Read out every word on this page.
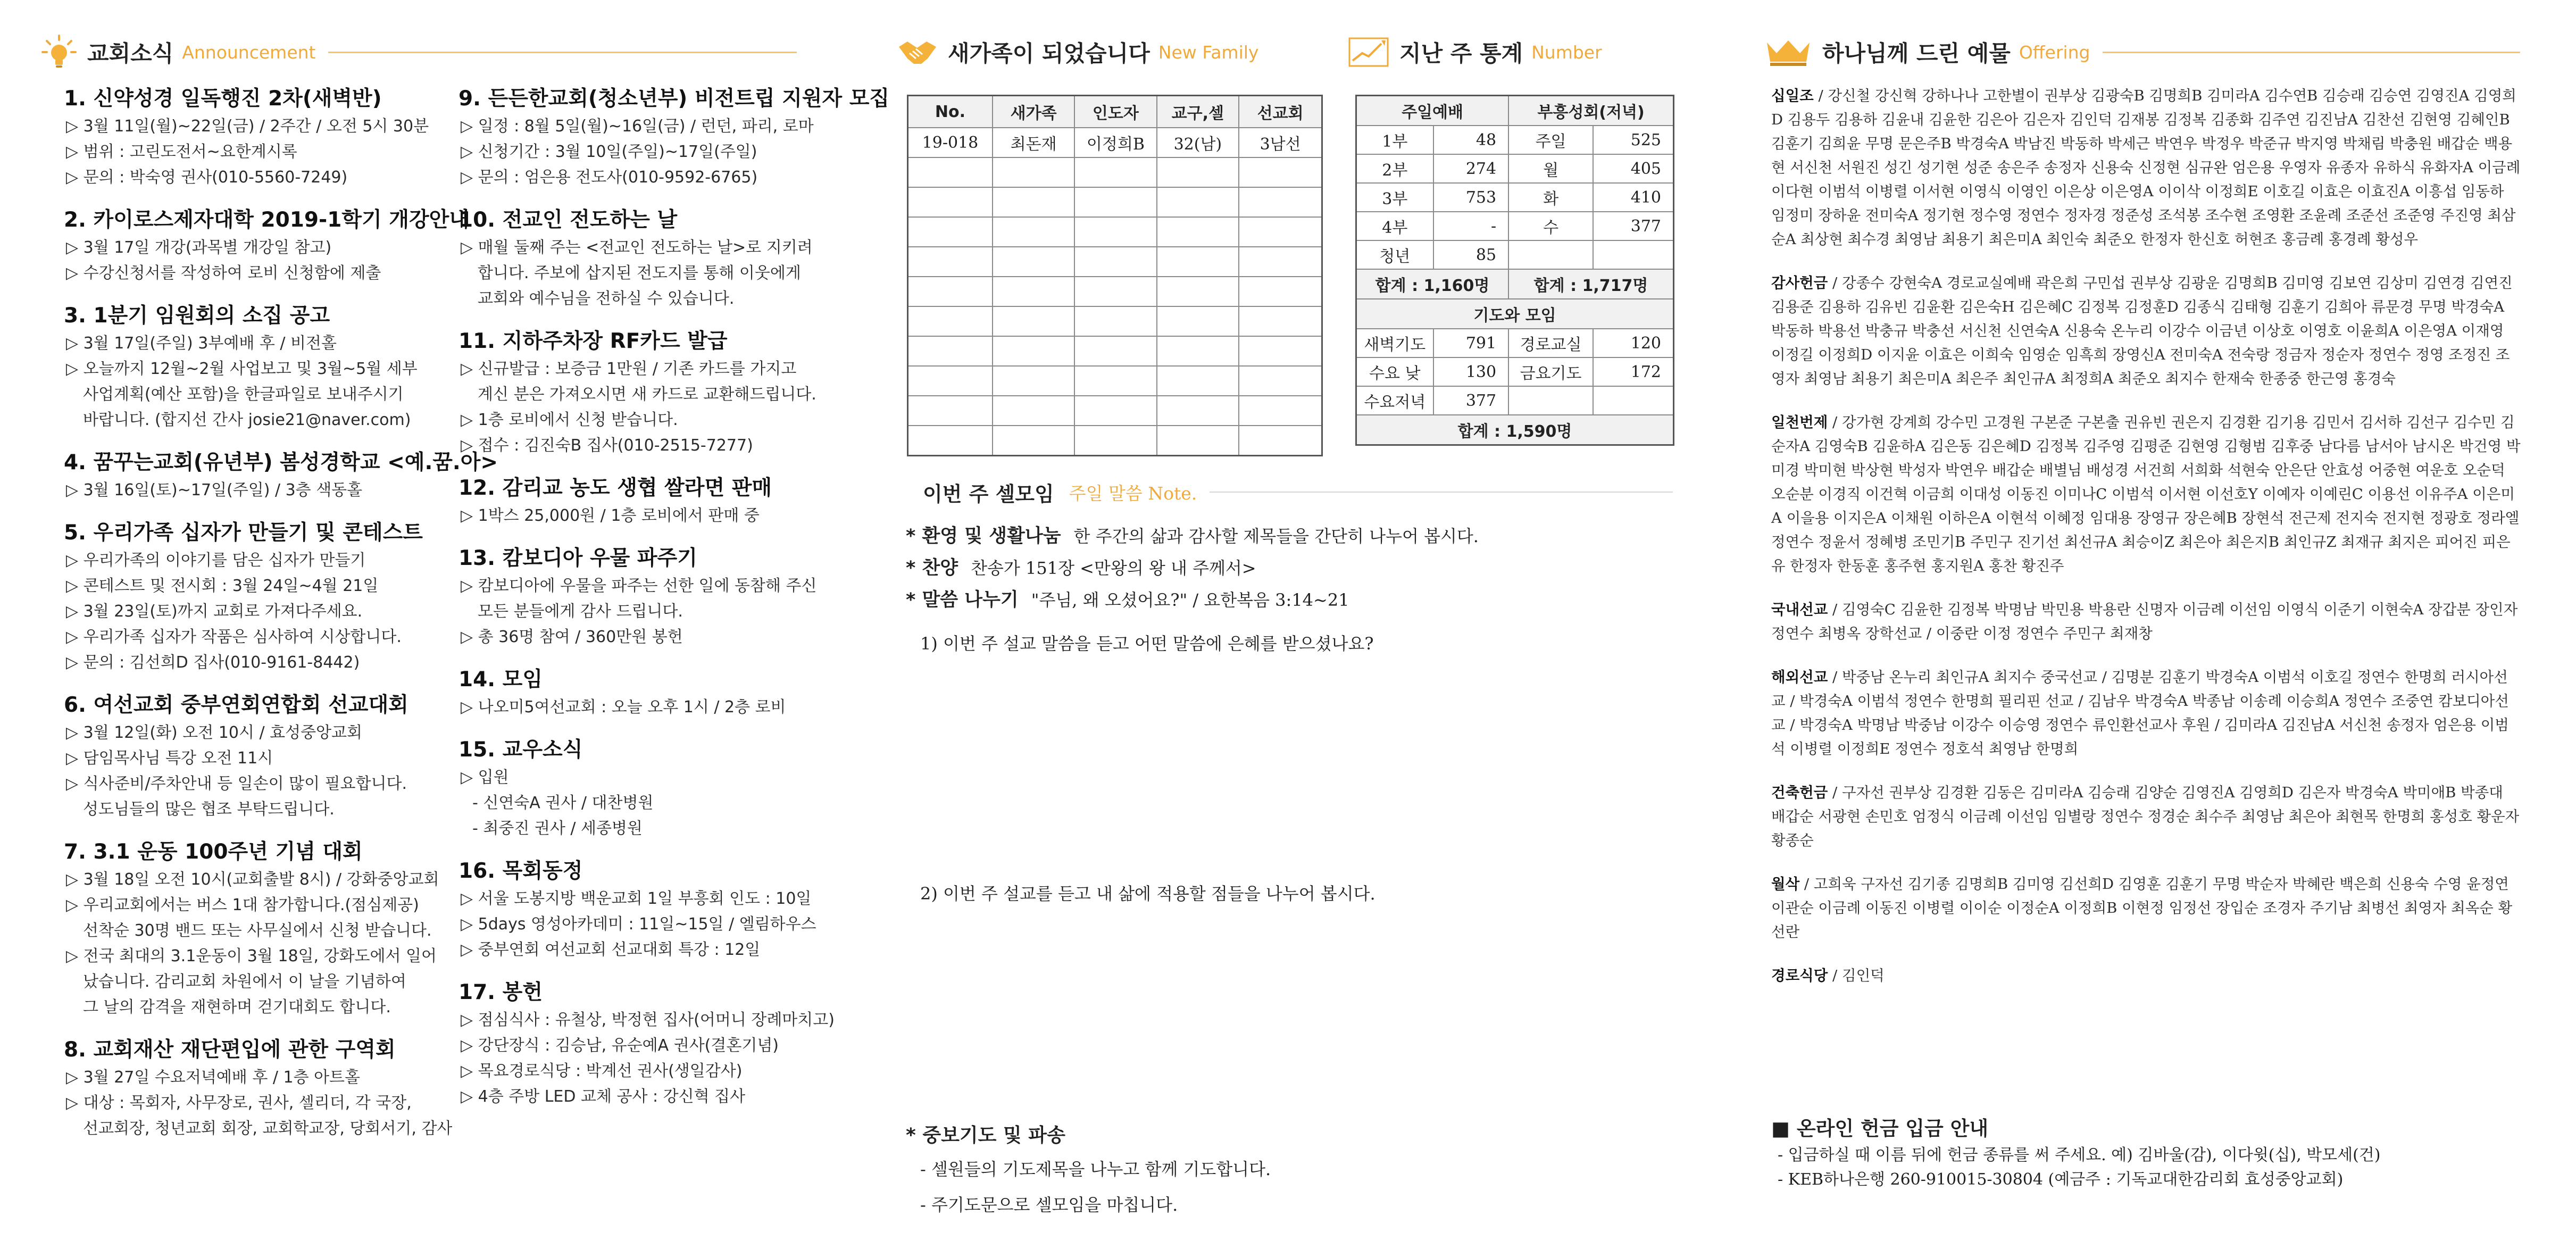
교회소식 Announcement
1. 신약성경 일독행진 2차(새벽반)
▷ 3월 11일(월)~22일(금) / 2주간 / 오전 5시 30분
▷ 범위 : 고린도전서~요한계시록
▷ 문의 : 박숙영 권사(010-5560-7249)
2. 카이로스제자대학 2019-1학기 개강안내
▷ 3월 17일 개강(과목별 개강일 참고)
▷ 수강신청서를 작성하여 로비 신청함에 제출
3. 1분기 임원회의 소집 공고
▷ 3월 17일(주일) 3부예배 후 / 비전홀
▷ 오늘까지 12월~2월 사업보고 및 3월~5월 세부
사업계획(예산 포함)을 한글파일로 보내주시기
바랍니다. (합지선 간사 josie21@naver.com)
4. 꿈꾸는교회(유년부) 봄성경학교 <예.꿈.아>
▷ 3월 16일(토)~17일(주일) / 3층 색동홀
5. 우리가족 십자가 만들기 및 콘테스트
▷ 우리가족의 이야기를 담은 십자가 만들기
▷ 콘테스트 및 전시회 : 3월 24일~4월 21일
▷ 3월 23일(토)까지 교회로 가져다주세요.
▷ 우리가족 십자가 작품은 심사하여 시상합니다.
▷ 문의 : 김선희D 집사(010-9161-8442)
6. 여선교회 중부연회연합회 선교대회
▷ 3월 12일(화) 오전 10시 / 효성중앙교회
▷ 담임목사님 특강 오전 11시
▷ 식사준비/주차안내 등 일손이 많이 필요합니다.
성도님들의 많은 협조 부탁드립니다.
7. 3.1 운동 100주년 기념 대회
▷ 3월 18일 오전 10시(교회출발 8시) / 강화중앙교회
▷ 우리교회에서는 버스 1대 참가합니다.(점심제공)
선착순 30명 밴드 또는 사무실에서 신청 받습니다.
▷ 전국 최대의 3.1운동이 3월 18일, 강화도에서 일어
났습니다. 감리교회 차원에서 이 날을 기념하여
그 날의 감격을 재현하며 걷기대회도 합니다.
8. 교회재산 재단편입에 관한 구역회
▷ 3월 27일 수요저녁예배 후 / 1층 아트홀
▷ 대상 : 목회자, 사무장로, 권사, 셀리더, 각 국장,
선교회장, 청년교회 회장, 교회학교장, 당회서기, 감사
9. 든든한교회(청소년부) 비전트립 지원자 모집
▷ 일정 : 8월 5일(월)~16일(금) / 런던, 파리, 로마
▷ 신청기간 : 3월 10일(주일)~17일(주일)
▷ 문의 : 엄은용 전도사(010-9592-6765)
10. 전교인 전도하는 날
▷ 매월 둘째 주는 <전교인 전도하는 날>로 지키려
합니다. 주보에 삽지된 전도지를 통해 이웃에게
교회와 예수님을 전하실 수 있습니다.
11. 지하주차장 RF카드 발급
▷ 신규발급 : 보증금 1만원 / 기존 카드를 가지고
계신 분은 가져오시면 새 카드로 교환해드립니다.
▷ 1층 로비에서 신청 받습니다.
▷ 접수 : 김진숙B 집사(010-2515-7277)
12. 감리교 농도 생협 쌀라면 판매
▷ 1박스 25,000원 / 1층 로비에서 판매 중
13. 캄보디아 우물 파주기
▷ 캄보디아에 우물을 파주는 선한 일에 동참해 주신
모든 분들에게 감사 드립니다.
▷ 총 36명 참여 / 360만원 봉헌
14. 모임
▷ 나오미5여선교회 : 오늘 오후 1시 / 2층 로비
15. 교우소식
▷ 입원
- 신연숙A 권사 / 대찬병원
- 최중진 권사 / 세종병원
16. 목회동정
▷ 서울 도봉지방 백운교회 1일 부흥회 인도 : 10일
▷ 5days 영성아카데미 : 11일~15일 / 엘림하우스
▷ 중부연회 여선교회 선교대회 특강 : 12일
17. 봉헌
▷ 점심식사 : 유철상, 박정현 집사(어머니 장례마치고)
▷ 강단장식 : 김승남, 유순예A 권사(결혼기념)
▷ 목요경로식당 : 박계선 권사(생일감사)
▷ 4층 주방 LED 교체 공사 : 강신혁 집사
새가족이 되었습니다 New Family	지난 주 통계 Number
No.	새가족	인도자	교구,셀	선교회
19-018	최돈재	이정희B	32(남)	3남선

주일예배		부흥성회(저녁)	
1부	48	주일	525
2부	274	월	405
3부	753	화	410
4부	-	수	377
청년	85		
합계 : 1,160명		합계 : 1,717명	
기도와 모임			
새벽기도	791	경로교실	120
수요 낮	130	금요기도	172
수요저녁	377		
합계 : 1,590명			
이번 주 셀모임 주일 말씀 Note.
* 환영 및 생활나눔 한 주간의 삶과 감사할 제목들을 간단히 나누어 봅시다.
* 찬양 찬송가 151장 <만왕의 왕 내 주께서>
* 말씀 나누기 "주님, 왜 오셨어요?" / 요한복음 3:14~21
1) 이번 주 설교 말씀을 듣고 어떤 말씀에 은혜를 받으셨나요?
2) 이번 주 설교를 듣고 내 삶에 적용할 점들을 나누어 봅시다.
* 중보기도 및 파송
- 셀원들의 기도제목을 나누고 함께 기도합니다.
- 주기도문으로 셀모임을 마칩니다.
하나님께 드린 예물 Offering

십일조 / 강신철 강신혁 강하나나 고한별이 권부상 김광숙B 김명희B 김미라A 김수연B 김승래 김승연 김영진A 김영희D 김용두 김용하 김윤내 김윤한 김은아 김은자 김인덕 김재봉 김정복 김종화 김주연 김진남A 김찬선 김현영 김혜인B 김훈기 김희윤 무명 문은주B 박경숙A 박남진 박동하 박세근 박연우 박정우 박준규 박지영 박채림 박충원 배갑순 백용현 서신천 서원진 성긴 성기현 성준 송은주 송정자 신용숙 신정현 심규완 엄은용 우영자 유종자 유하식 유화자A 이금례 이다현 이범석 이병렬 이서현 이영식 이영인 이은상 이은영A 이이삭 이정희E 이호길 이효은 이효진A 이흥섭 임동하 임정미 장하윤 전미숙A 정기현 정수영 정연수 정자경 정준성 조석봉 조수현 조영환 조윤례 조준선 조준영 주진영 최삼순A 최상현 최수경 최영남 최용기 최은미A 최인숙 최준오 한정자 한신호 허현조 홍금례 홍경례 황성우

감사헌금 / 강종수 강현숙A 경로교실예배 곽은희 구민섭 권부상 김광운 김명희B 김미영 김보연 김상미 김연경 김연진 김용준 김용하 김유빈 김윤환 김은숙H 김은혜C 김정복 김정훈D 김종식 김태형 김훈기 김희아 류문경 무명 박경숙A 박동하 박용선 박충규 박충선 서신천 신연숙A 신용숙 온누리 이강수 이금년 이상호 이영호 이윤희A 이은영A 이재영 이정길 이정희D 이지윤 이효은 이희숙 임영순 임흑희 장영신A 전미숙A 전숙랑 정금자 정순자 정연수 정영 조정진 조영자 최영남 최용기 최은미A 최은주 최인규A 최정희A 최준오 최지수 한재숙 한종중 한근영 홍경숙

일천번제 / 강가현 강계희 강수민 고경원 구본준 구본출 권유빈 권은지 김경환 김기용 김민서 김서하 김선구 김수민 김순자A 김영숙B 김윤하A 김은동 김은혜D 김정복 김주영 김평준 김현영 김형범 김후중 남다름 남서아 남시온 박건영 박미경 박미현 박상현 박성자 박연우 배갑순 배별님 배성경 서건희 서희화 석현숙 안은단 안효성 어중현 여운호 오순덕 오순분 이경직 이건혁 이금희 이대성 이동진 이미나C 이범석 이서현 이선호Y 이예자 이예린C 이용선 이유주A 이은미A 이을용 이지은A 이채원 이하은A 이현석 이혜정 임대용 장영규 장은혜B 장현석 전근제 전지숙 전지현 정광호 정라엘 정연수 정윤서 정혜병 조민기B 주민구 진기선 최선규A 최승이Z 최은아 최은지B 최인규Z 최재규 최지은 피어진 피은유 한정자 한동훈 홍주현 홍지원A 홍찬 황진주

국내선교 / 김영숙C 김윤한 김정복 박명남 박민용 박용란 신명자 이금례 이선임 이영식 이준기 이현숙A 장갑분 장인자 정연수 최병옥 장학선교 / 이중란 이정 정연수 주민구 최재창

해외선교 / 박중남 온누리 최인규A 최지수 중국선교 / 김명분 김훈기 박경숙A 이범석 이호길 정연수 한명희 러시아선교 / 박경숙A 이범석 정연수 한명희 필리핀 선교 / 김남우 박경숙A 박종남 이송례 이승희A 정연수 조중연 캄보디아선교 / 박경숙A 박명남 박중남 이강수 이승영 정연수 류인환선교사 후원 / 김미라A 김진남A 서신천 송정자 엄은용 이범석 이병렬 이정희E 정연수 정호석 최영남 한명희

건축헌금 / 구자선 권부상 김경환 김동은 김미라A 김승래 김양순 김영진A 김영희D 김은자 박경숙A 박미애B 박종대 배갑순 서광현 손민호 엄정식 이금례 이선임 임별랑 정연수 정경순 최수주 최영남 최은아 최현목 한명희 홍성호 황운자 황종순

월삭 / 고희욱 구자선 김기종 김명희B 김미영 김선희D 김영훈 김훈기 무명 박순자 박혜란 백은희 신용숙 수영 윤정연 이관순 이금례 이동진 이병렬 이이순 이정순A 이정희B 이현정 임정선 장입순 조경자 주기남 최병선 최영자 최옥순 황선란

경로식당 / 김인덕

■ 온라인 헌금 입금 안내
- 입금하실 때 이름 뒤에 헌금 종류를 써 주세요. 예) 김바울(감), 이다윗(십), 박모세(건)
- KEB하나은행 260-910015-30804 (예금주 : 기독교대한감리회 효성중앙교회)
